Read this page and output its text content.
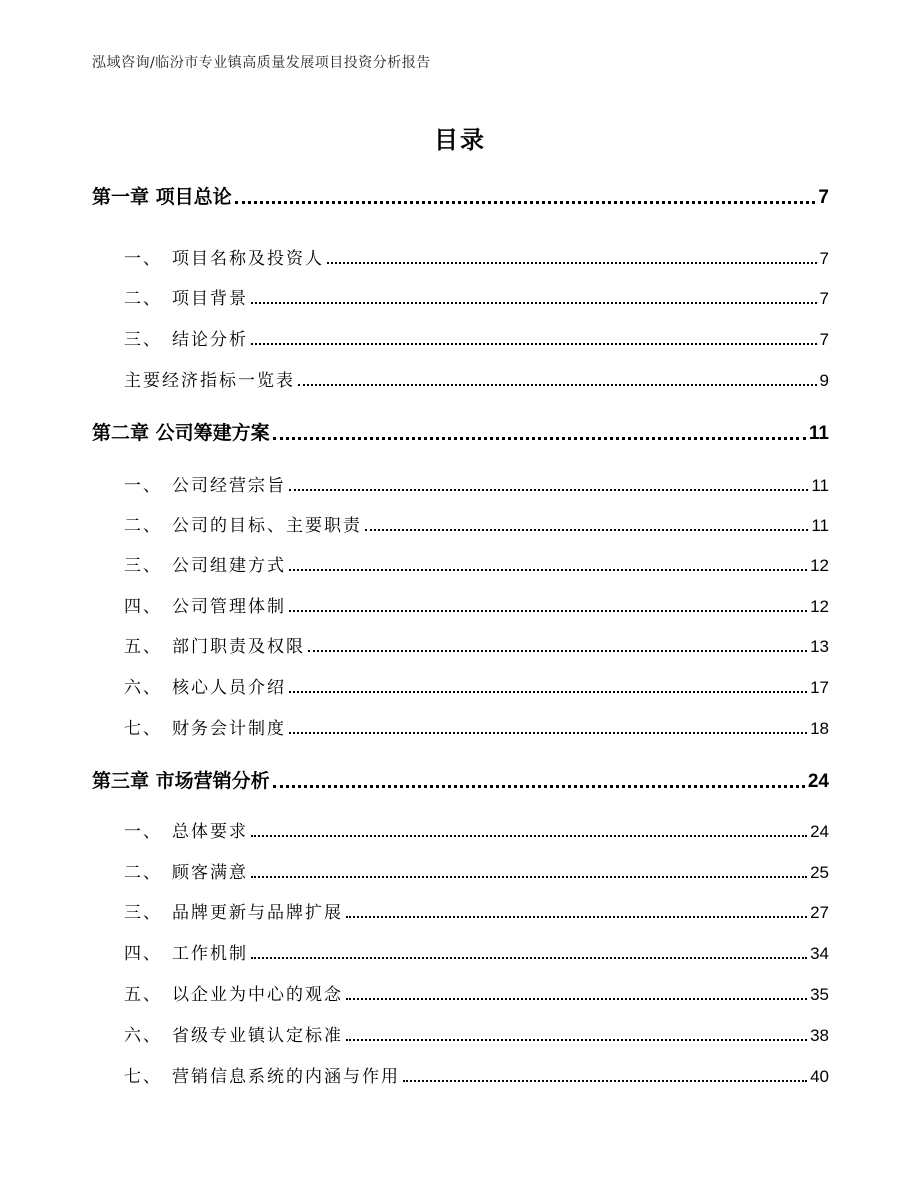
泓域咨询/临汾市专业镇高质量发展项目投资分析报告
目录
第一章 项目总论	7
一、 项目名称及投资人	7
二、 项目背景	7
三、 结论分析	7
主要经济指标一览表	9
第二章 公司筹建方案	11
一、 公司经营宗旨	11
二、 公司的目标、主要职责	11
三、 公司组建方式	12
四、 公司管理体制	12
五、 部门职责及权限	13
六、 核心人员介绍	17
七、 财务会计制度	18
第三章 市场营销分析	24
一、 总体要求	24
二、 顾客满意	25
三、 品牌更新与品牌扩展	27
四、 工作机制	34
五、 以企业为中心的观念	35
六、 省级专业镇认定标准	38
七、 营销信息系统的内涵与作用	40
